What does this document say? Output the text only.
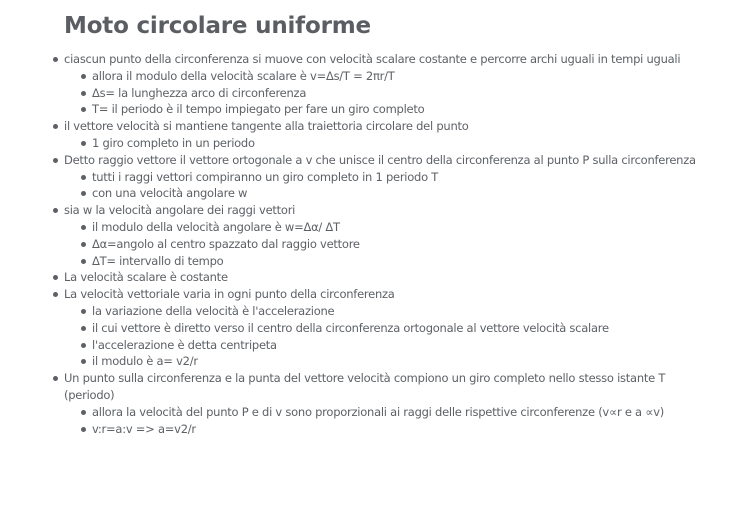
Moto circolare uniforme
ciascun punto della circonferenza si muove con velocità scalare costante e percorre archi uguali in tempi uguali
allora il modulo della velocità scalare è v=Δs/T = 2πr/T
Δs= la lunghezza arco di circonferenza
T= il periodo è il tempo impiegato per fare un giro completo
il vettore velocità si mantiene tangente alla traiettoria circolare del punto
1 giro completo in un periodo
Detto raggio vettore il vettore ortogonale a v che unisce il centro della circonferenza al punto P sulla circonferenza
tutti i raggi vettori compiranno un giro completo in 1 periodo T
con una velocità angolare w
sia w la velocità angolare dei raggi vettori
il modulo della velocità angolare è w=Δα/ ΔT
Δα=angolo al centro spazzato dal raggio vettore
ΔT= intervallo di tempo
La velocità scalare è costante
La velocità vettoriale varia in ogni punto della circonferenza
la variazione della velocità è l'accelerazione
il cui vettore è diretto verso il centro della circonferenza ortogonale al vettore velocità scalare
l'accelerazione è detta centripeta
il modulo è a= v2/r
Un punto sulla circonferenza e la punta del vettore velocità compiono un giro completo nello stesso istante T (periodo)
allora la velocità del punto P e di v sono proporzionali ai raggi delle rispettive circonferenze (v∝r e a ∝v)
v:r=a:v => a=v2/r
